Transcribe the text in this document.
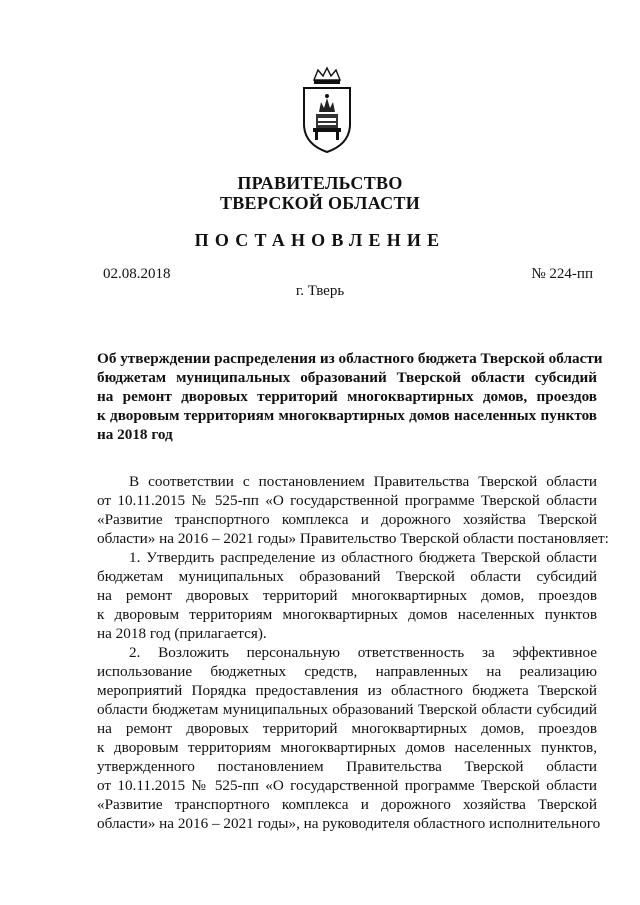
ПРАВИТЕЛЬСТВО
ТВЕРСКОЙ ОБЛАСТИ
ПОСТАНОВЛЕНИЕ
02.08.2018	№ 224-пп
г. Тверь
Об утверждении распределения из областного бюджета Тверской области
бюджетам муниципальных образований Тверской области субсидий
на ремонт дворовых территорий многоквартирных домов, проездов
к дворовым территориям многоквартирных домов населенных пунктов
на 2018 год
В соответствии с постановлением Правительства Тверской области
от 10.11.2015 № 525-пп «О государственной программе Тверской области
«Развитие транспортного комплекса и дорожного хозяйства Тверской
области» на 2016 – 2021 годы» Правительство Тверской области постановляет:
1. Утвердить распределение из областного бюджета Тверской области
бюджетам муниципальных образований Тверской области субсидий
на ремонт дворовых территорий многоквартирных домов, проездов
к дворовым территориям многоквартирных домов населенных пунктов
на 2018 год (прилагается).
2. Возложить персональную ответственность за эффективное
использование бюджетных средств, направленных на реализацию
мероприятий Порядка предоставления из областного бюджета Тверской
области бюджетам муниципальных образований Тверской области субсидий
на ремонт дворовых территорий многоквартирных домов, проездов
к дворовым территориям многоквартирных домов населенных пунктов,
утвержденного постановлением Правительства Тверской области
от 10.11.2015 № 525-пп «О государственной программе Тверской области
«Развитие транспортного комплекса и дорожного хозяйства Тверской
области» на 2016 – 2021 годы», на руководителя областного исполнительного
